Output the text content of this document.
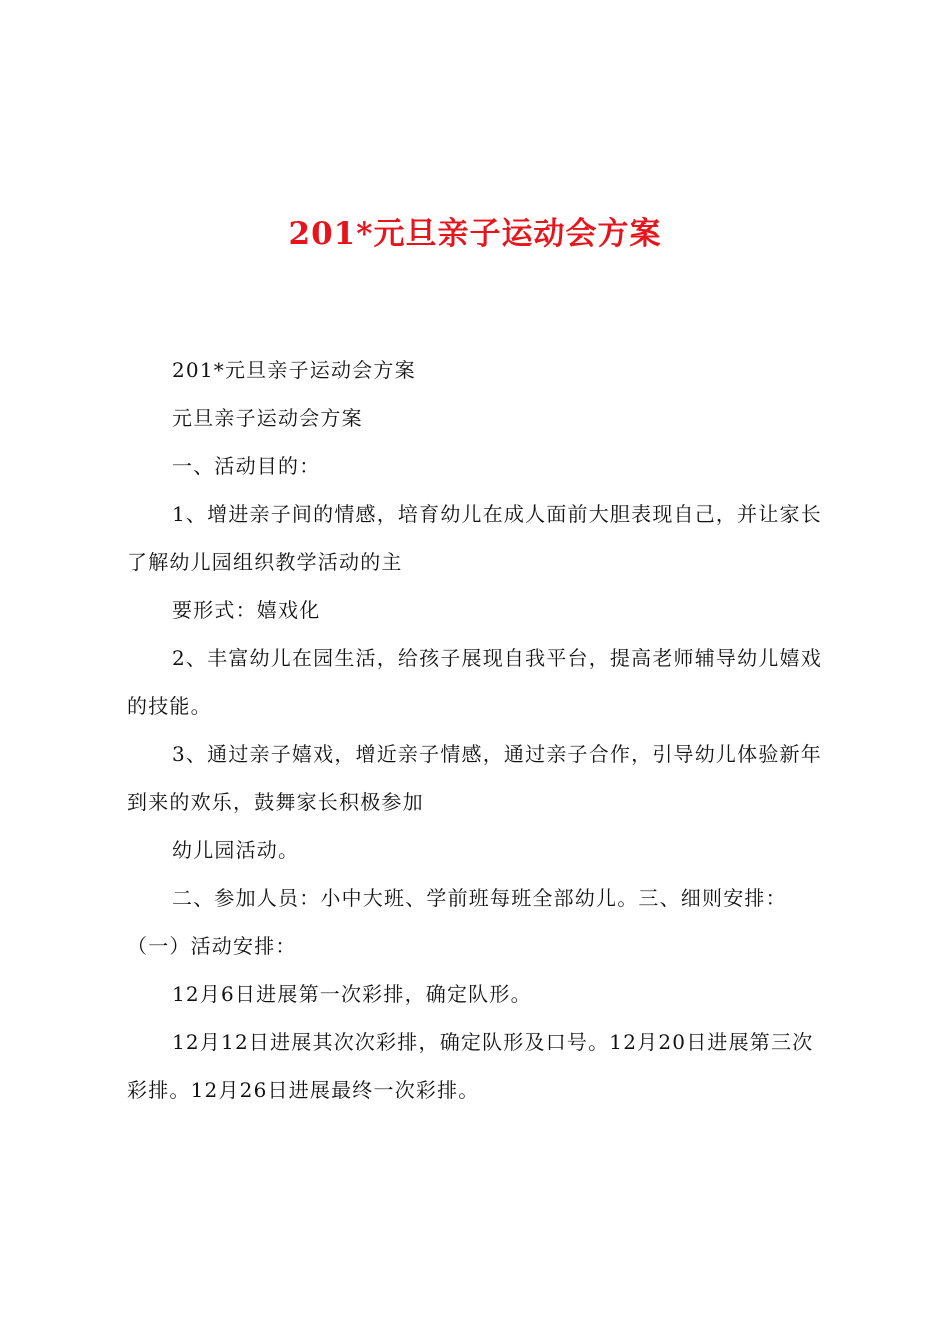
201*元旦亲子运动会方案

201*元旦亲子运动会方案

元旦亲子运动会方案

一、活动目的：

1、增进亲子间的情感，培育幼儿在成人面前大胆表现自己，并让家长了解幼儿园组织教学活动的主

要形式：嬉戏化

2、丰富幼儿在园生活，给孩子展现自我平台，提高老师辅导幼儿嬉戏的技能。

3、通过亲子嬉戏，增近亲子情感，通过亲子合作，引导幼儿体验新年到来的欢乐，鼓舞家长积极参加

幼儿园活动。

二、参加人员：小中大班、学前班每班全部幼儿。三、细则安排：

（一）活动安排：

12月6日进展第一次彩排，确定队形。

12月12日进展其次次彩排，确定队形及口号。12月20日进展第三次彩排。12月26日进展最终一次彩排。
